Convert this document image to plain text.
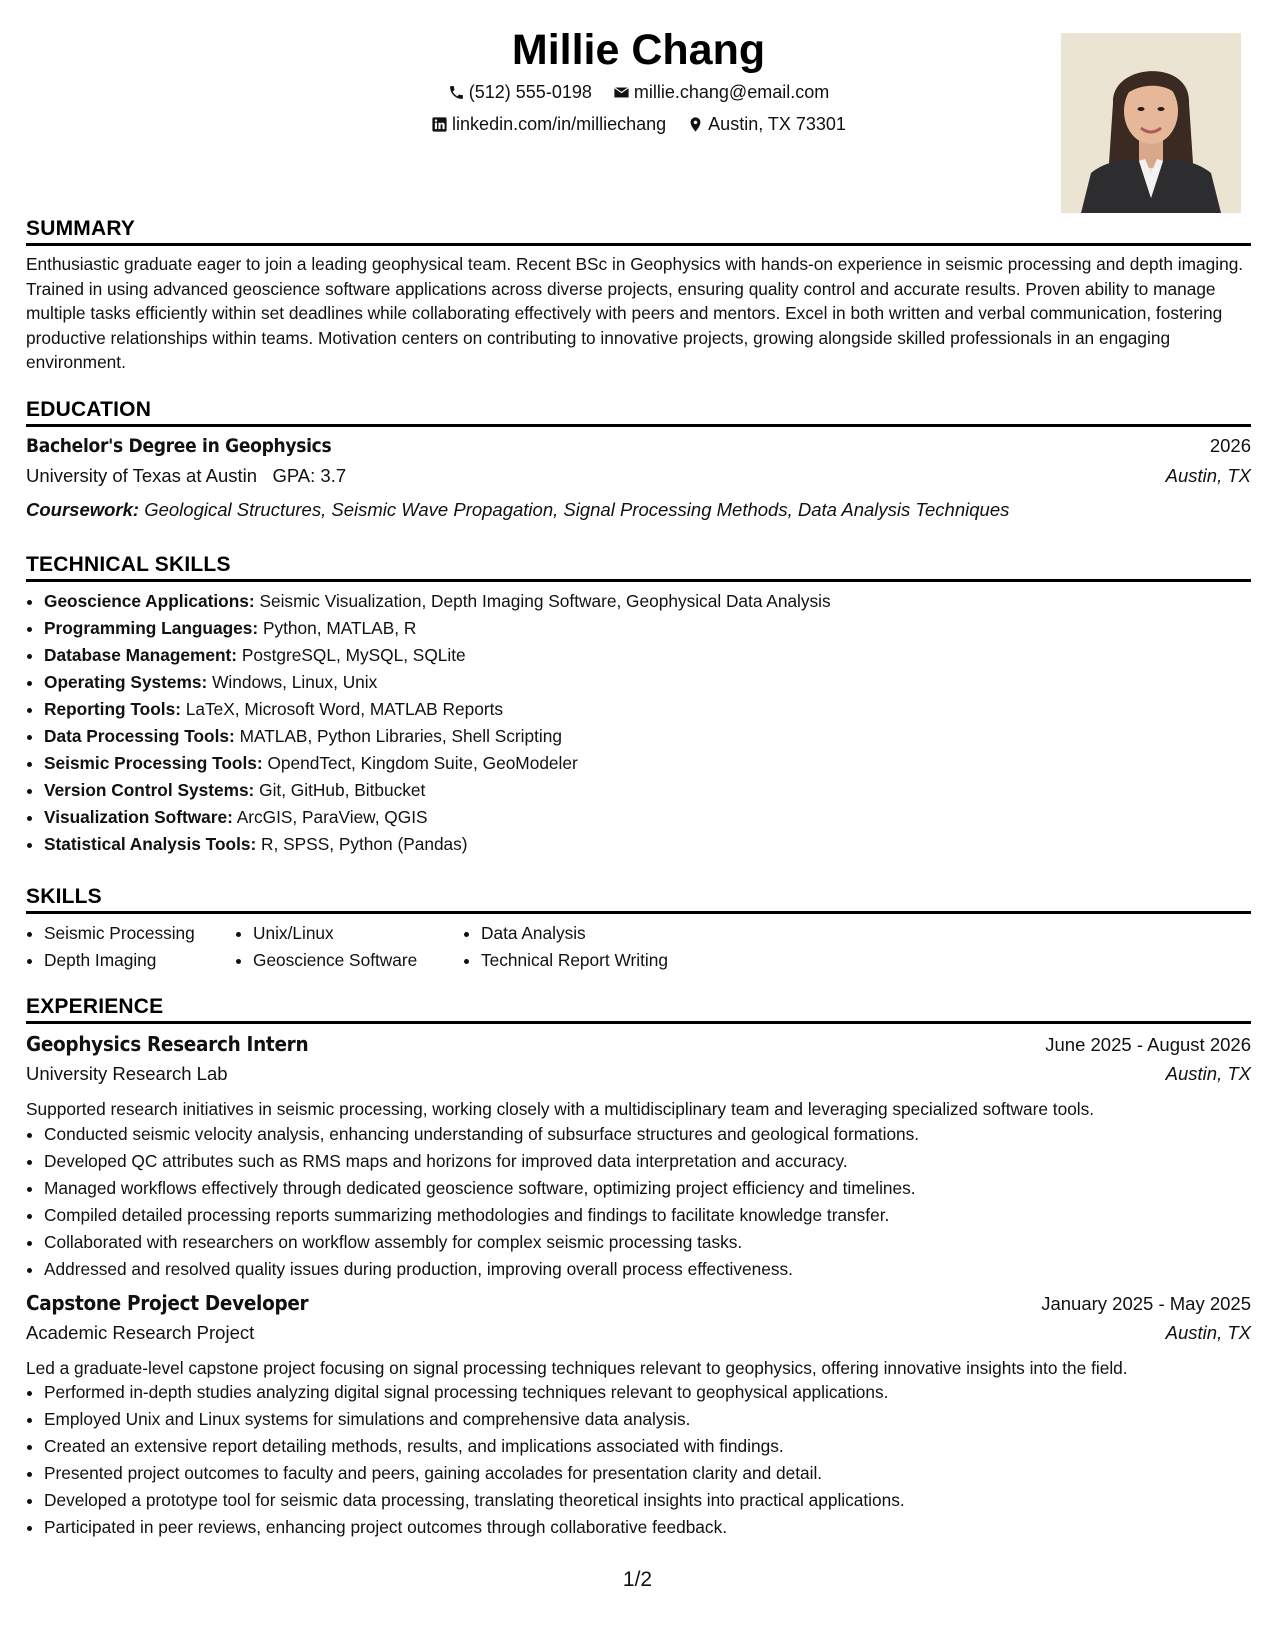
Millie Chang
(512) 555-0198
millie.chang@email.com
linkedin.com/in/milliechang
Austin, TX 73301
SUMMARY
Enthusiastic graduate eager to join a leading geophysical team. Recent BSc in Geophysics with hands-on experience in seismic processing and depth imaging. Trained in using advanced geoscience software applications across diverse projects, ensuring quality control and accurate results. Proven ability to manage multiple tasks efficiently within set deadlines while collaborating effectively with peers and mentors. Excel in both written and verbal communication, fostering productive relationships within teams. Motivation centers on contributing to innovative projects, growing alongside skilled professionals in an engaging environment.
EDUCATION
Bachelor's Degree in Geophysics	2026
University of Texas at Austin GPA: 3.7	Austin, TX
Coursework: Geological Structures, Seismic Wave Propagation, Signal Processing Methods, Data Analysis Techniques
TECHNICAL SKILLS
• Geoscience Applications: Seismic Visualization, Depth Imaging Software, Geophysical Data Analysis
• Programming Languages: Python, MATLAB, R
• Database Management: PostgreSQL, MySQL, SQLite
• Operating Systems: Windows, Linux, Unix
• Reporting Tools: LaTeX, Microsoft Word, MATLAB Reports
• Data Processing Tools: MATLAB, Python Libraries, Shell Scripting
• Seismic Processing Tools: OpendTect, Kingdom Suite, GeoModeler
• Version Control Systems: Git, GitHub, Bitbucket
• Visualization Software: ArcGIS, ParaView, QGIS
• Statistical Analysis Tools: R, SPSS, Python (Pandas)
SKILLS
• Seismic Processing
• Depth Imaging
• Unix/Linux
• Geoscience Software
• Data Analysis
• Technical Report Writing
EXPERIENCE
Geophysics Research Intern	June 2025 - August 2026
University Research Lab	Austin, TX
Supported research initiatives in seismic processing, working closely with a multidisciplinary team and leveraging specialized software tools.
• Conducted seismic velocity analysis, enhancing understanding of subsurface structures and geological formations.
• Developed QC attributes such as RMS maps and horizons for improved data interpretation and accuracy.
• Managed workflows effectively through dedicated geoscience software, optimizing project efficiency and timelines.
• Compiled detailed processing reports summarizing methodologies and findings to facilitate knowledge transfer.
• Collaborated with researchers on workflow assembly for complex seismic processing tasks.
• Addressed and resolved quality issues during production, improving overall process effectiveness.
Capstone Project Developer	January 2025 - May 2025
Academic Research Project	Austin, TX
Led a graduate-level capstone project focusing on signal processing techniques relevant to geophysics, offering innovative insights into the field.
• Performed in-depth studies analyzing digital signal processing techniques relevant to geophysical applications.
• Employed Unix and Linux systems for simulations and comprehensive data analysis.
• Created an extensive report detailing methods, results, and implications associated with findings.
• Presented project outcomes to faculty and peers, gaining accolades for presentation clarity and detail.
• Developed a prototype tool for seismic data processing, translating theoretical insights into practical applications.
• Participated in peer reviews, enhancing project outcomes through collaborative feedback.
1/2
